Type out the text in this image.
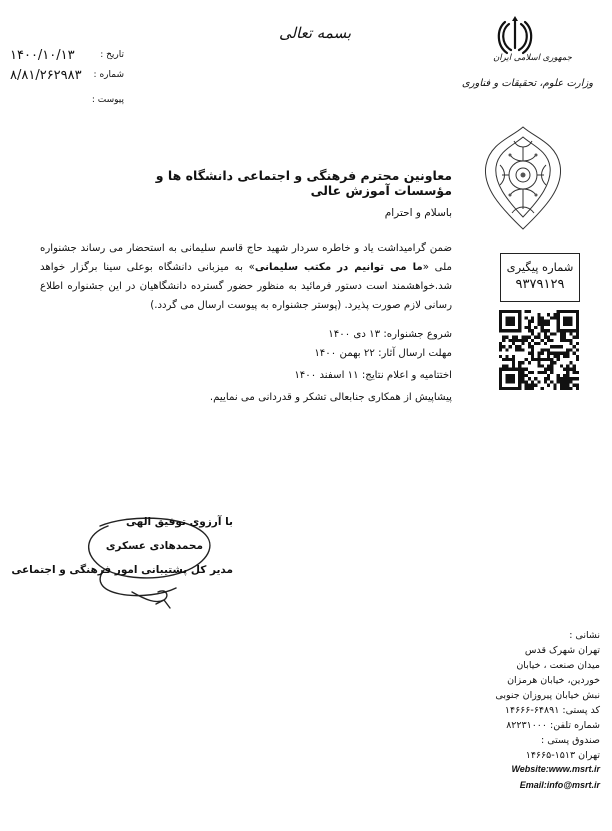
۱۴۰۰/۱۰/۱۳	تاریخ :
۸/۸۱/۲۶۲۹۸۳ شماره :
پیوست :
بسمه تعالی
جمهوری اسلامی ایران
وزارت علوم، تحقیقات و فناوری
معاونین محترم فرهنگی و اجتماعی دانشگاه ها و مؤسسات آموزش عالی
باسلام و احترام

ضمن گرامیداشت یاد و خاطره سردار شهید حاج قاسم سلیمانی به استحضار می رساند جشنواره ملی «ما می توانیم در مکتب سلیمانی» به میزبانی دانشگاه بوعلی سینا برگزار خواهد شد.خواهشمند است دستور فرمائید به منظور حضور گسترده دانشگاهیان در این جشنواره اطلاع رسانی لازم صورت پذیرد. (پوستر جشنواره به پیوست ارسال می گردد.)

شروع جشنواره: ۱۳ دی ۱۴۰۰
مهلت ارسال آثار: ۲۲ بهمن ۱۴۰۰
اختتامیه و اعلام نتایج: ۱۱ اسفند ۱۴۰۰
پیشاپیش از همکاری جنابعالی تشکر و قدردانی می نماییم.
شماره پیگیری
۹۳۷۹۱۲۹
با آرزوی توفیق الهی
محمدهادی عسکری
مدیر کل پشتیبانی امور فرهنگی و اجتماعی
نشانی :
تهران شهرک قدس
میدان صنعت ، خیابان
خوردین، خیابان هرمزان
نبش خیابان پیروزان جنوبی
کد پستی: ۶۴۸۹۱-۱۴۶۶۶
شماره تلفن: ۸۲۲۳۱۰۰۰
صندوق پستی :
تهران ۱۵۱۳-۱۴۶۶۵
Website:www.msrt.ir
Email:info@msrt.ir
